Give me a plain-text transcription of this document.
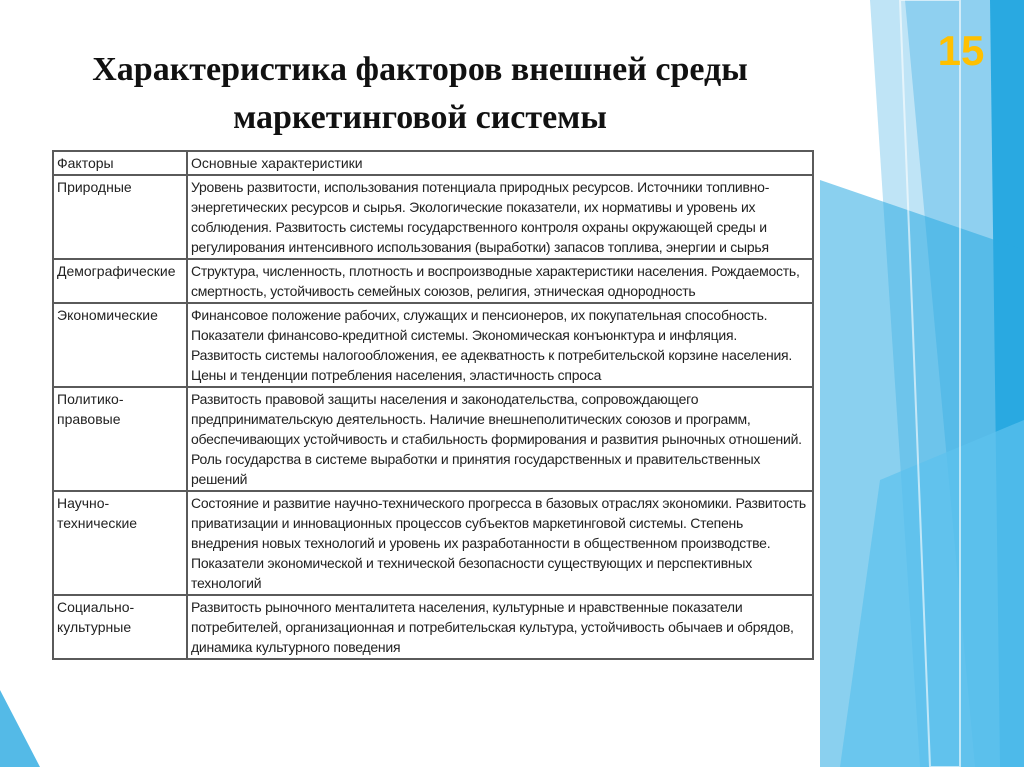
Характеристика факторов внешней среды
маркетинговой системы
15
Факторы	Основные характеристики
Природные	Уровень развитости, использования потенциала природных ресурсов. Источники топливно-энергетических ресурсов и сырья. Экологические показатели, их нормативы и уровень их соблюдения. Развитость системы государственного контроля охраны окружающей среды и регулирования интенсивного использования (выработки) запасов топлива, энергии и сырья
Демографические	Структура, численность, плотность и воспроизводные характеристики населения. Рождаемость, смертность, устойчивость семейных союзов, религия, этническая однородность
Экономические	Финансовое положение рабочих, служащих и пенсионеров, их покупательная способность. Показатели финансово-кредитной системы. Экономическая конъюнктура и инфляция. Развитость системы налогообложения, ее адекватность к потребительской корзине населения. Цены и тенденции потребления населения, эластичность спроса
Политико-правовые	Развитость правовой защиты населения и законодательства, сопровождающего предпринимательскую деятельность. Наличие внешнеполитических союзов и программ, обеспечивающих устойчивость и стабильность формирования и развития рыночных отношений. Роль государства в системе выработки и принятия государственных и правительственных решений
Научно-технические	Состояние и развитие научно-технического прогресса в базовых отраслях экономики. Развитость приватизации и инновационных процессов субъектов маркетинговой системы. Степень внедрения новых технологий и уровень их разработанности в общественном производстве. Показатели экономической и технической безопасности существующих и перспективных технологий
Социально-культурные	Развитость рыночного менталитета населения, культурные и нравственные показатели потребителей, организационная и потребительская культура, устойчивость обычаев и обрядов, динамика культурного поведения
